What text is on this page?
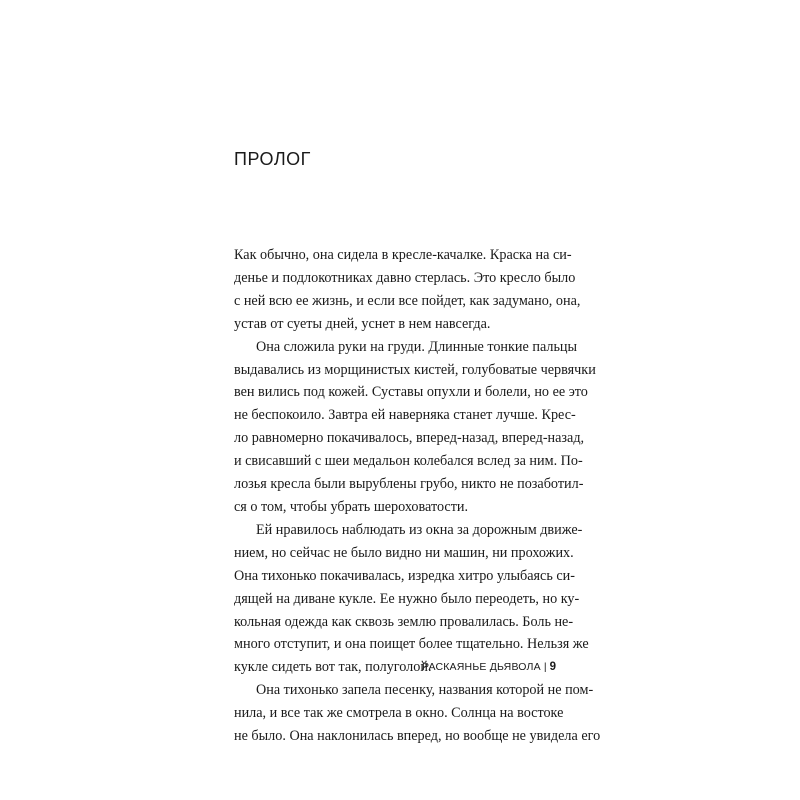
ПРОЛОГ

Как обычно, она сидела в кресле-качалке. Краска на си-
денье и подлокотниках давно стерлась. Это кресло было
с ней всю ее жизнь, и если все пойдет, как задумано, она,
устав от суеты дней, уснет в нем навсегда.

Она сложила руки на груди. Длинные тонкие пальцы
выдавались из морщинистых кистей, голубоватые червячки
вен вились под кожей. Суставы опухли и болели, но ее это
не беспокоило. Завтра ей наверняка станет лучше. Крес-
ло равномерно покачивалось, вперед-назад, вперед-назад,
и свисавший с шеи медальон колебался вслед за ним. По-
лозья кресла были вырублены грубо, никто не позаботил-
ся о том, чтобы убрать шероховатости.

Ей нравилось наблюдать из окна за дорожным движе-
нием, но сейчас не было видно ни машин, ни прохожих.
Она тихонько покачивалась, изредка хитро улыбаясь си-
дящей на диване кукле. Ее нужно было переодеть, но ку-
кольная одежда как сквозь землю провалилась. Боль не-
много отступит, и она поищет более тщательно. Нельзя же
кукле сидеть вот так, полуголой.

Она тихонько запела песенку, названия которой не пом-
нила, и все так же смотрела в окно. Солнца на востоке
не было. Она наклонилась вперед, но вообще не увидела его

РАСКАЯНЬЕ ДЬЯВОЛА | 9
